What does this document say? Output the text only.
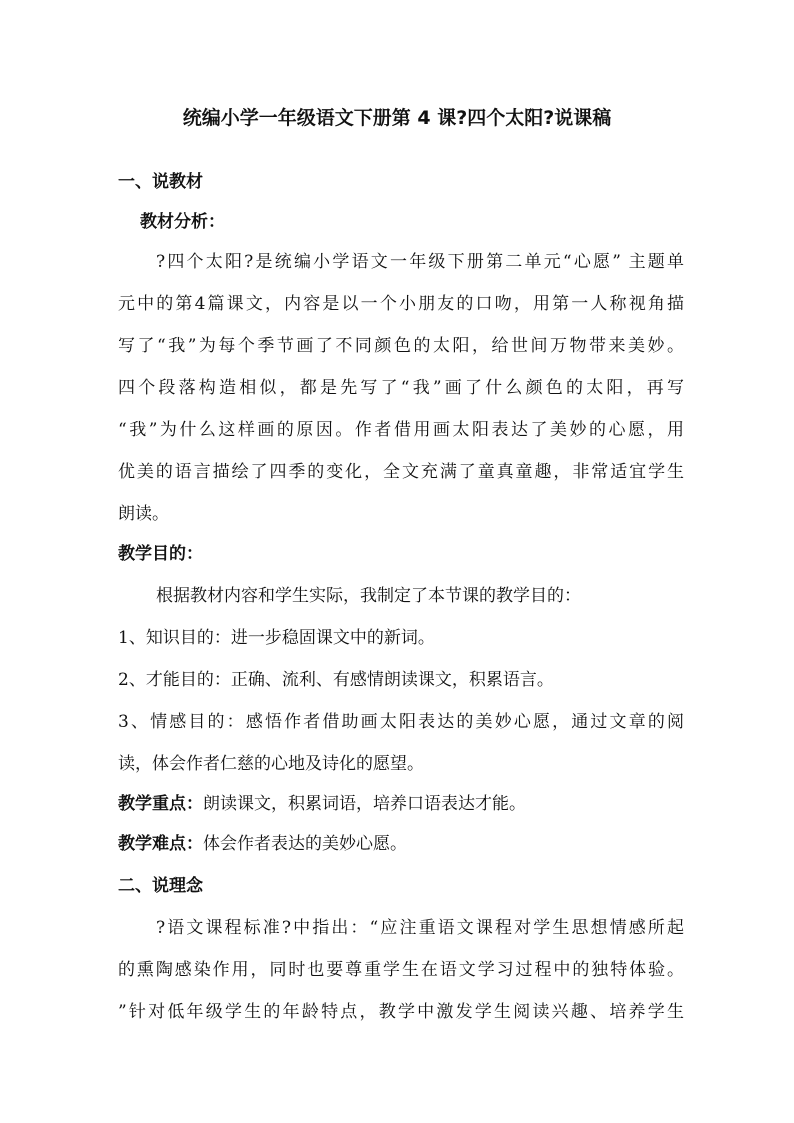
统编小学一年级语文下册第 4 课?四个太阳?说课稿
一、说教材
教材分析：
?四个太阳?是统编小学语文一年级下册第二单元“心愿” 主题单
元中的第4篇课文，内容是以一个小朋友的口吻，用第一人称视角描
写了“我”为每个季节画了不同颜色的太阳，给世间万物带来美妙。
四个段落构造相似，都是先写了“我”画了什么颜色的太阳，再写
“我”为什么这样画的原因。作者借用画太阳表达了美妙的心愿，用
优美的语言描绘了四季的变化，全文充满了童真童趣，非常适宜学生
朗读。
教学目的：
根据教材内容和学生实际，我制定了本节课的教学目的：
1、知识目的：进一步稳固课文中的新词。
2、才能目的：正确、流利、有感情朗读课文，积累语言。
3、情感目的：感悟作者借助画太阳表达的美妙心愿，通过文章的阅
读，体会作者仁慈的心地及诗化的愿望。
教学重点：朗读课文，积累词语，培养口语表达才能。
教学难点：体会作者表达的美妙心愿。
二、说理念
?语文课程标准?中指出：“应注重语文课程对学生思想情感所起
的熏陶感染作用，同时也要尊重学生在语文学习过程中的独特体验。
”针对低年级学生的年龄特点，教学中激发学生阅读兴趣、培养学生
